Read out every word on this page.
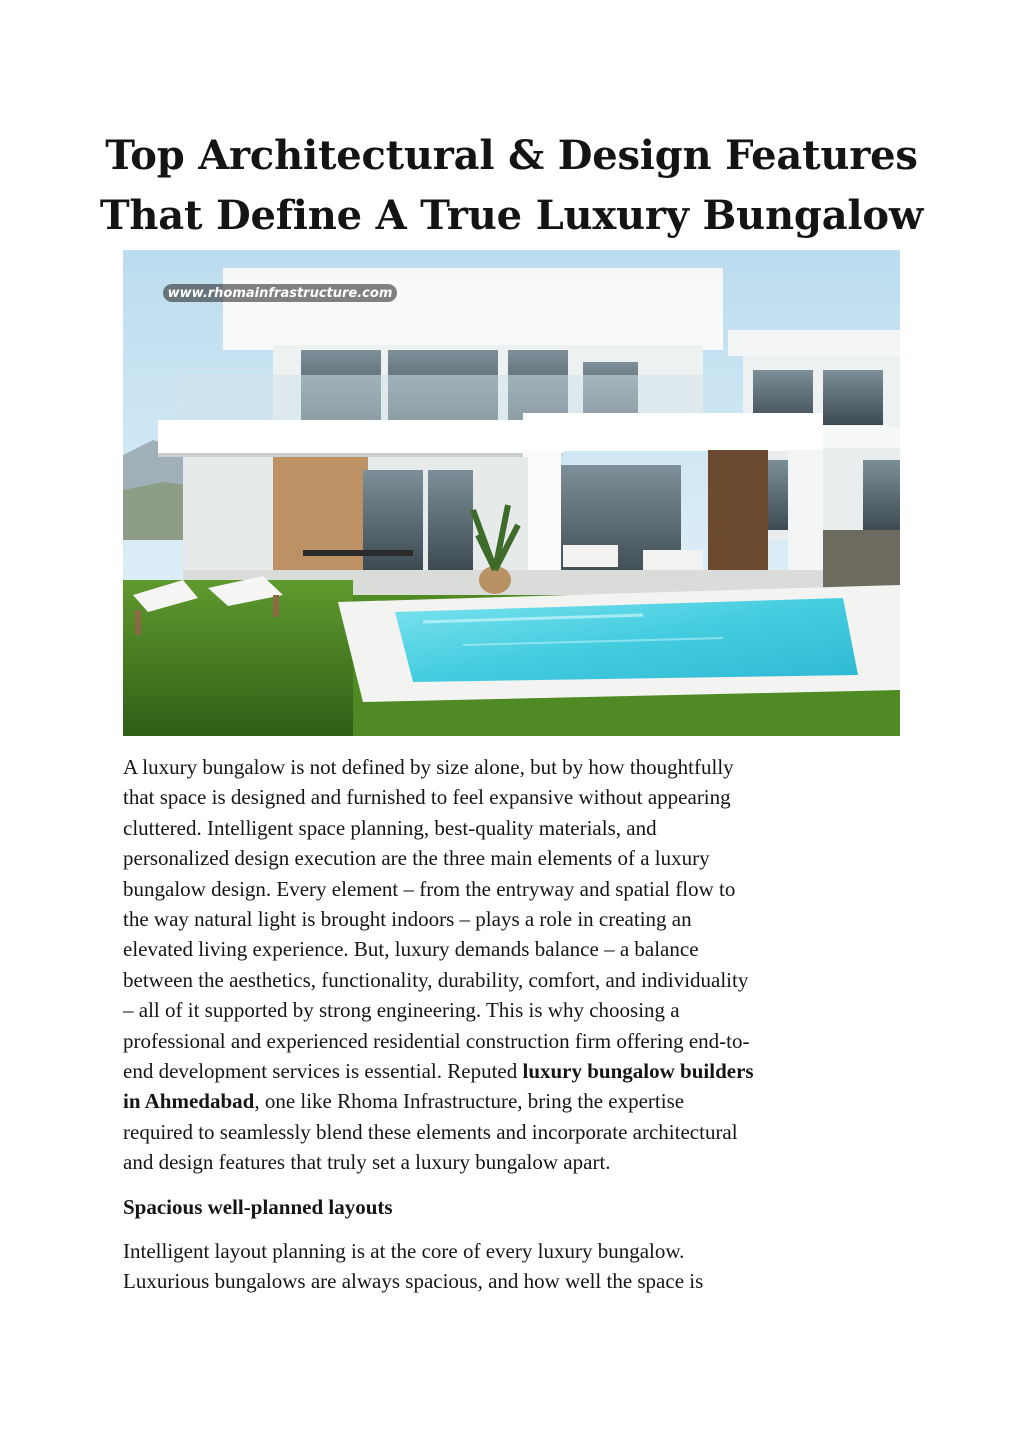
Top Architectural & Design Features
That Define A True Luxury Bungalow
www.rhomainfrastructure.com

A luxury bungalow is not defined by size alone, but by how thoughtfully
that space is designed and furnished to feel expansive without appearing
cluttered. Intelligent space planning, best-quality materials, and
personalized design execution are the three main elements of a luxury
bungalow design. Every element – from the entryway and spatial flow to
the way natural light is brought indoors – plays a role in creating an
elevated living experience. But, luxury demands balance – a balance
between the aesthetics, functionality, durability, comfort, and individuality
– all of it supported by strong engineering. This is why choosing a
professional and experienced residential construction firm offering end-to-
end development services is essential. Reputed luxury bungalow builders
in Ahmedabad, one like Rhoma Infrastructure, bring the expertise
required to seamlessly blend these elements and incorporate architectural
and design features that truly set a luxury bungalow apart.

Spacious well-planned layouts

Intelligent layout planning is at the core of every luxury bungalow.
Luxurious bungalows are always spacious, and how well the space is
